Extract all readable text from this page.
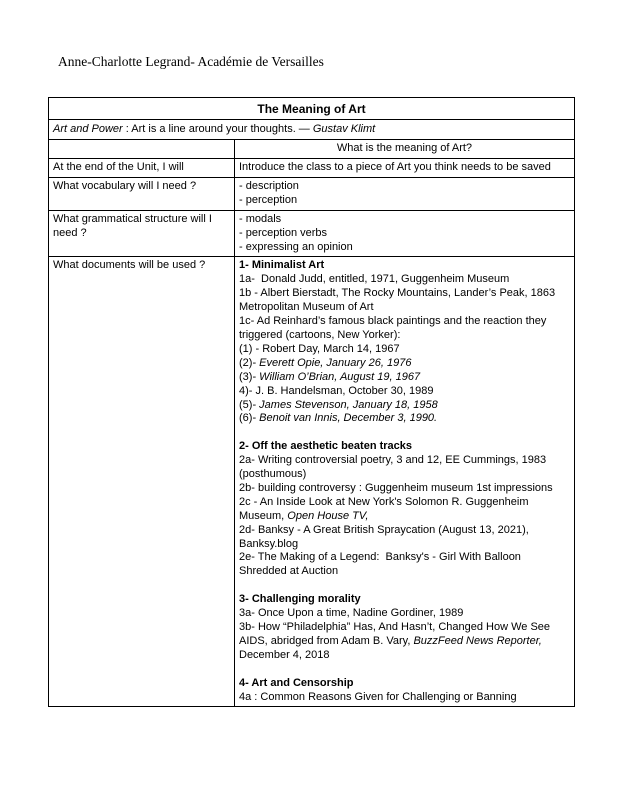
Anne-Charlotte Legrand- Académie de Versailles
The Meaning of Art	

Art and Power : Art is a line around your thoughts. — Gustav Klimt	

	What is the meaning of Art?
At the end of the Unit, I will	Introduce the class to a piece of Art you think needs to be saved

What vocabulary will I need ?	- description
- perception

What grammatical structure will I need ?	- modals
- perception verbs
- expressing an opinion

What documents will be used ?	1- Minimalist Art
1a-  Donald Judd, entitled, 1971, Guggenheim Museum
1b - Albert Bierstadt, The Rocky Mountains, Lander’s Peak, 1863 Metropolitan Museum of Art
1c- Ad Reinhard’s famous black paintings and the reaction they triggered (cartoons, New Yorker):
(1) - Robert Day, March 14, 1967
(2)- Everett Opie, January 26, 1976
(3)- William O’Brian, August 19, 1967
4)- J. B. Handelsman, October 30, 1989
(5)- James Stevenson, January 18, 1958
(6)- Benoit van Innis, December 3, 1990.

2- Off the aesthetic beaten tracks
2a- Writing controversial poetry, 3 and 12, EE Cummings, 1983 (posthumous)
2b- building controversy : Guggenheim museum 1st impressions
2c - An Inside Look at New York's Solomon R. Guggenheim Museum, Open House TV,
2d- Banksy - A Great British Spraycation (August 13, 2021), Banksy.blog
2e- The Making of a Legend:  Banksy's - Girl With Balloon Shredded at Auction

3- Challenging morality
3a- Once Upon a time, Nadine Gordiner, 1989
3b- How “Philadelphia” Has, And Hasn’t, Changed How We See AIDS, abridged from Adam B. Vary, BuzzFeed News Reporter, December 4, 2018

4- Art and Censorship
4a : Common Reasons Given for Challenging or Banning
